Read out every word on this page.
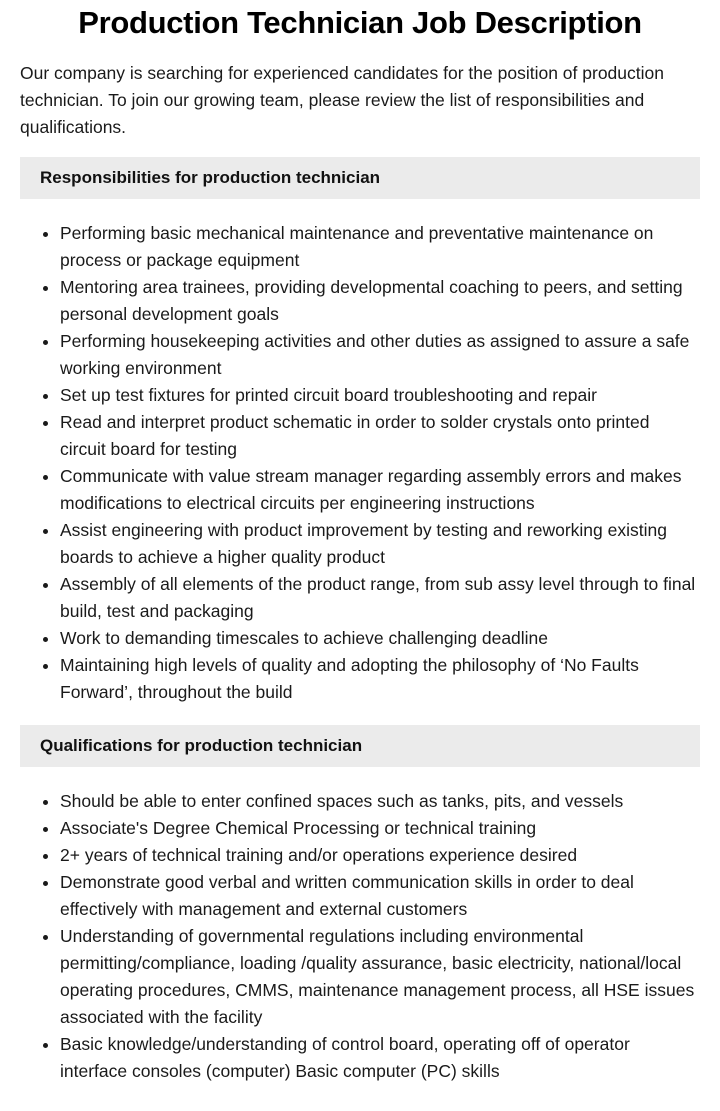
Production Technician Job Description

Our company is searching for experienced candidates for the position of production technician. To join our growing team, please review the list of responsibilities and qualifications.

Responsibilities for production technician
• Performing basic mechanical maintenance and preventative maintenance on process or package equipment
• Mentoring area trainees, providing developmental coaching to peers, and setting personal development goals
• Performing housekeeping activities and other duties as assigned to assure a safe working environment
• Set up test fixtures for printed circuit board troubleshooting and repair
• Read and interpret product schematic in order to solder crystals onto printed circuit board for testing
• Communicate with value stream manager regarding assembly errors and makes modifications to electrical circuits per engineering instructions
• Assist engineering with product improvement by testing and reworking existing boards to achieve a higher quality product
• Assembly of all elements of the product range, from sub assy level through to final build, test and packaging
• Work to demanding timescales to achieve challenging deadline
• Maintaining high levels of quality and adopting the philosophy of ‘No Faults Forward’, throughout the build
Qualifications for production technician
• Should be able to enter confined spaces such as tanks, pits, and vessels
• Associate's Degree Chemical Processing or technical training
• 2+ years of technical training and/or operations experience desired
• Demonstrate good verbal and written communication skills in order to deal effectively with management and external customers
• Understanding of governmental regulations including environmental permitting/compliance, loading /quality assurance, basic electricity, national/local operating procedures, CMMS, maintenance management process, all HSE issues associated with the facility
• Basic knowledge/understanding of control board, operating off of operator interface consoles (computer) Basic computer (PC) skills
